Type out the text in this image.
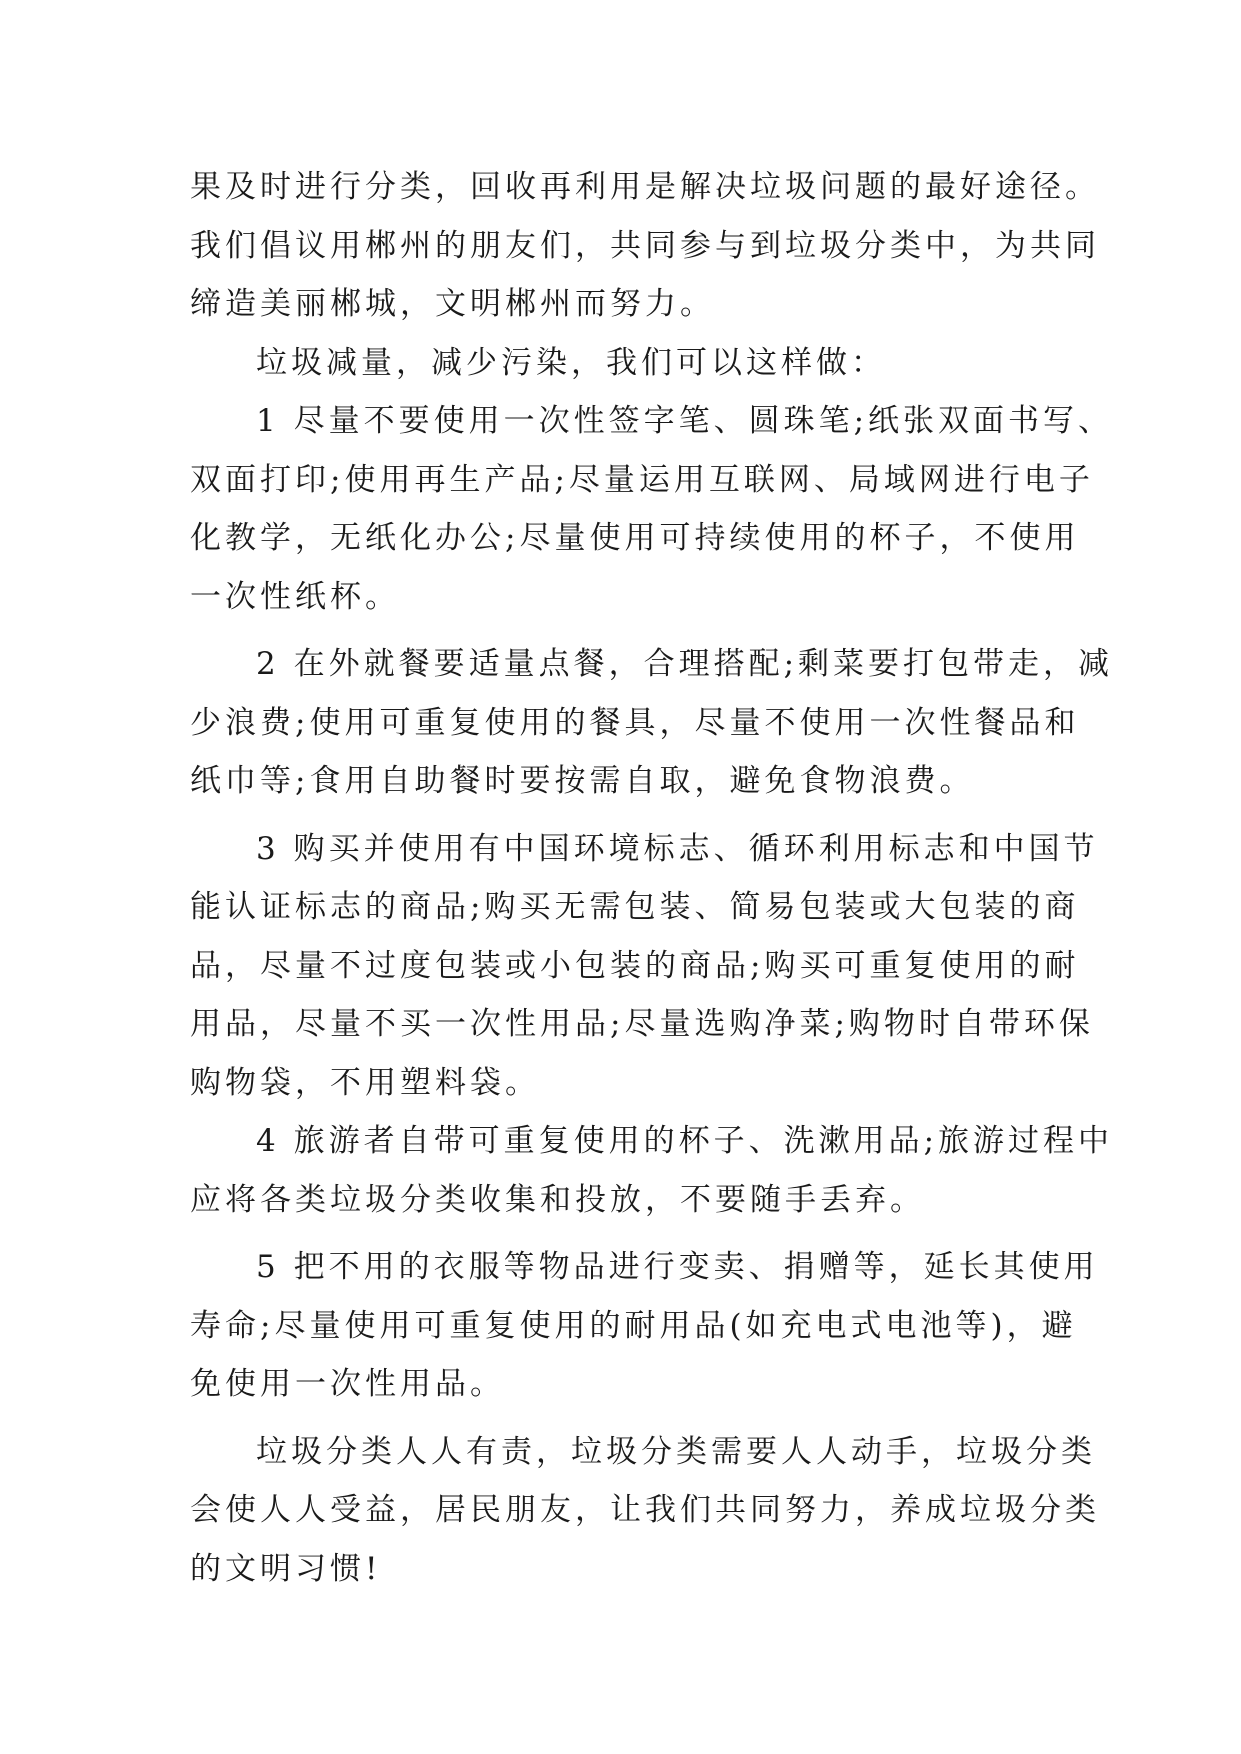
果及时进行分类，回收再利用是解决垃圾问题的最好途径。
我们倡议用郴州的朋友们，共同参与到垃圾分类中，为共同
缔造美丽郴城，文明郴州而努力。
垃圾减量，减少污染，我们可以这样做：
1 尽量不要使用一次性签字笔、圆珠笔;纸张双面书写、
双面打印;使用再生产品;尽量运用互联网、局域网进行电子
化教学，无纸化办公;尽量使用可持续使用的杯子，不使用
一次性纸杯。
2 在外就餐要适量点餐，合理搭配;剩菜要打包带走，减
少浪费;使用可重复使用的餐具，尽量不使用一次性餐品和
纸巾等;食用自助餐时要按需自取，避免食物浪费。
3 购买并使用有中国环境标志、循环利用标志和中国节
能认证标志的商品;购买无需包装、简易包装或大包装的商
品，尽量不过度包装或小包装的商品;购买可重复使用的耐
用品，尽量不买一次性用品;尽量选购净菜;购物时自带环保
购物袋，不用塑料袋。
4 旅游者自带可重复使用的杯子、洗漱用品;旅游过程中
应将各类垃圾分类收集和投放，不要随手丢弃。
5 把不用的衣服等物品进行变卖、捐赠等，延长其使用
寿命;尽量使用可重复使用的耐用品(如充电式电池等)，避
免使用一次性用品。
垃圾分类人人有责，垃圾分类需要人人动手，垃圾分类
会使人人受益，居民朋友，让我们共同努力，养成垃圾分类
的文明习惯!
